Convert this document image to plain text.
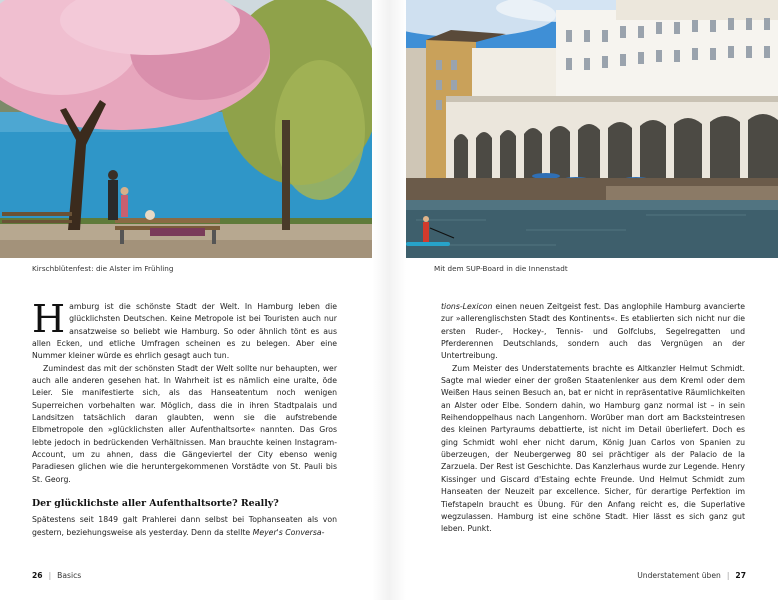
Kirschblütenfest: die Alster im Frühling	Mit dem SUP-Board in die Innenstadt

Hamburg ist die schönste Stadt der Welt. In Hamburg leben die glücklichsten Deutschen. Keine Metropole ist bei Touristen auch nur ansatzweise so beliebt wie Hamburg. So oder ähnlich tönt es aus allen Ecken, und etliche Umfragen scheinen es zu belegen. Aber eine Nummer kleiner würde es ehrlich gesagt auch tun.

Zumindest das mit der schönsten Stadt der Welt sollte nur behaupten, wer auch alle anderen gesehen hat. In Wahrheit ist es nämlich eine uralte, öde Leier. Sie manifestierte sich, als das Hanseatentum noch wenigen Superreichen vorbehalten war. Möglich, dass die in ihren Stadtpalais und Landsitzen tatsächlich daran glaubten, wenn sie die aufstrebende Elbmetropole den »glücklichsten aller Aufenthaltsorte« nannten. Das Gros lebte jedoch in bedrückenden Verhältnissen. Man brauchte keinen Instagram-Account, um zu ahnen, dass die Gängeviertel der City ebenso wenig Paradiesen glichen wie die heruntergekommenen Vorstädte von St. Pauli bis St. Georg.

Der glücklichste aller Aufenthaltsorte? Really?

Spätestens seit 1849 galt Prahlerei dann selbst bei Tophanseaten als von gestern, beziehungsweise als yesterday. Denn da stellte Meyer's Conversa-

tions-Lexicon einen neuen Zeitgeist fest. Das anglophile Hamburg avancierte zur »allerenglischsten Stadt des Kontinents«. Es etablierten sich nicht nur die ersten Ruder-, Hockey-, Tennis- und Golfclubs, Segelregatten und Pferderennen Deutschlands, sondern auch das Vergnügen an der Untertreibung.

Zum Meister des Understatements brachte es Altkanzler Helmut Schmidt. Sagte mal wieder einer der großen Staatenlenker aus dem Kreml oder dem Weißen Haus seinen Besuch an, bat er nicht in repräsentative Räumlichkeiten an Alster oder Elbe. Sondern dahin, wo Hamburg ganz normal ist – in sein Reihendoppelhaus nach Langenhorn. Worüber man dort am Backsteintresen des kleinen Partyraums debattierte, ist nicht im Detail überliefert. Doch es ging Schmidt wohl eher nicht darum, König Juan Carlos von Spanien zu überzeugen, der Neubergerweg 80 sei prächtiger als der Palacio de la Zarzuela. Der Rest ist Geschichte. Das Kanzlerhaus wurde zur Legende. Henry Kissinger und Giscard d'Estaing echte Freunde. Und Helmut Schmidt zum Hanseaten der Neuzeit par excellence. Sicher, für derartige Perfektion im Tiefstapeln braucht es Übung. Für den Anfang reicht es, die Superlative wegzulassen. Hamburg ist eine schöne Stadt. Hier lässt es sich ganz gut leben. Punkt.

26 | Basics	Understatement üben | 27
